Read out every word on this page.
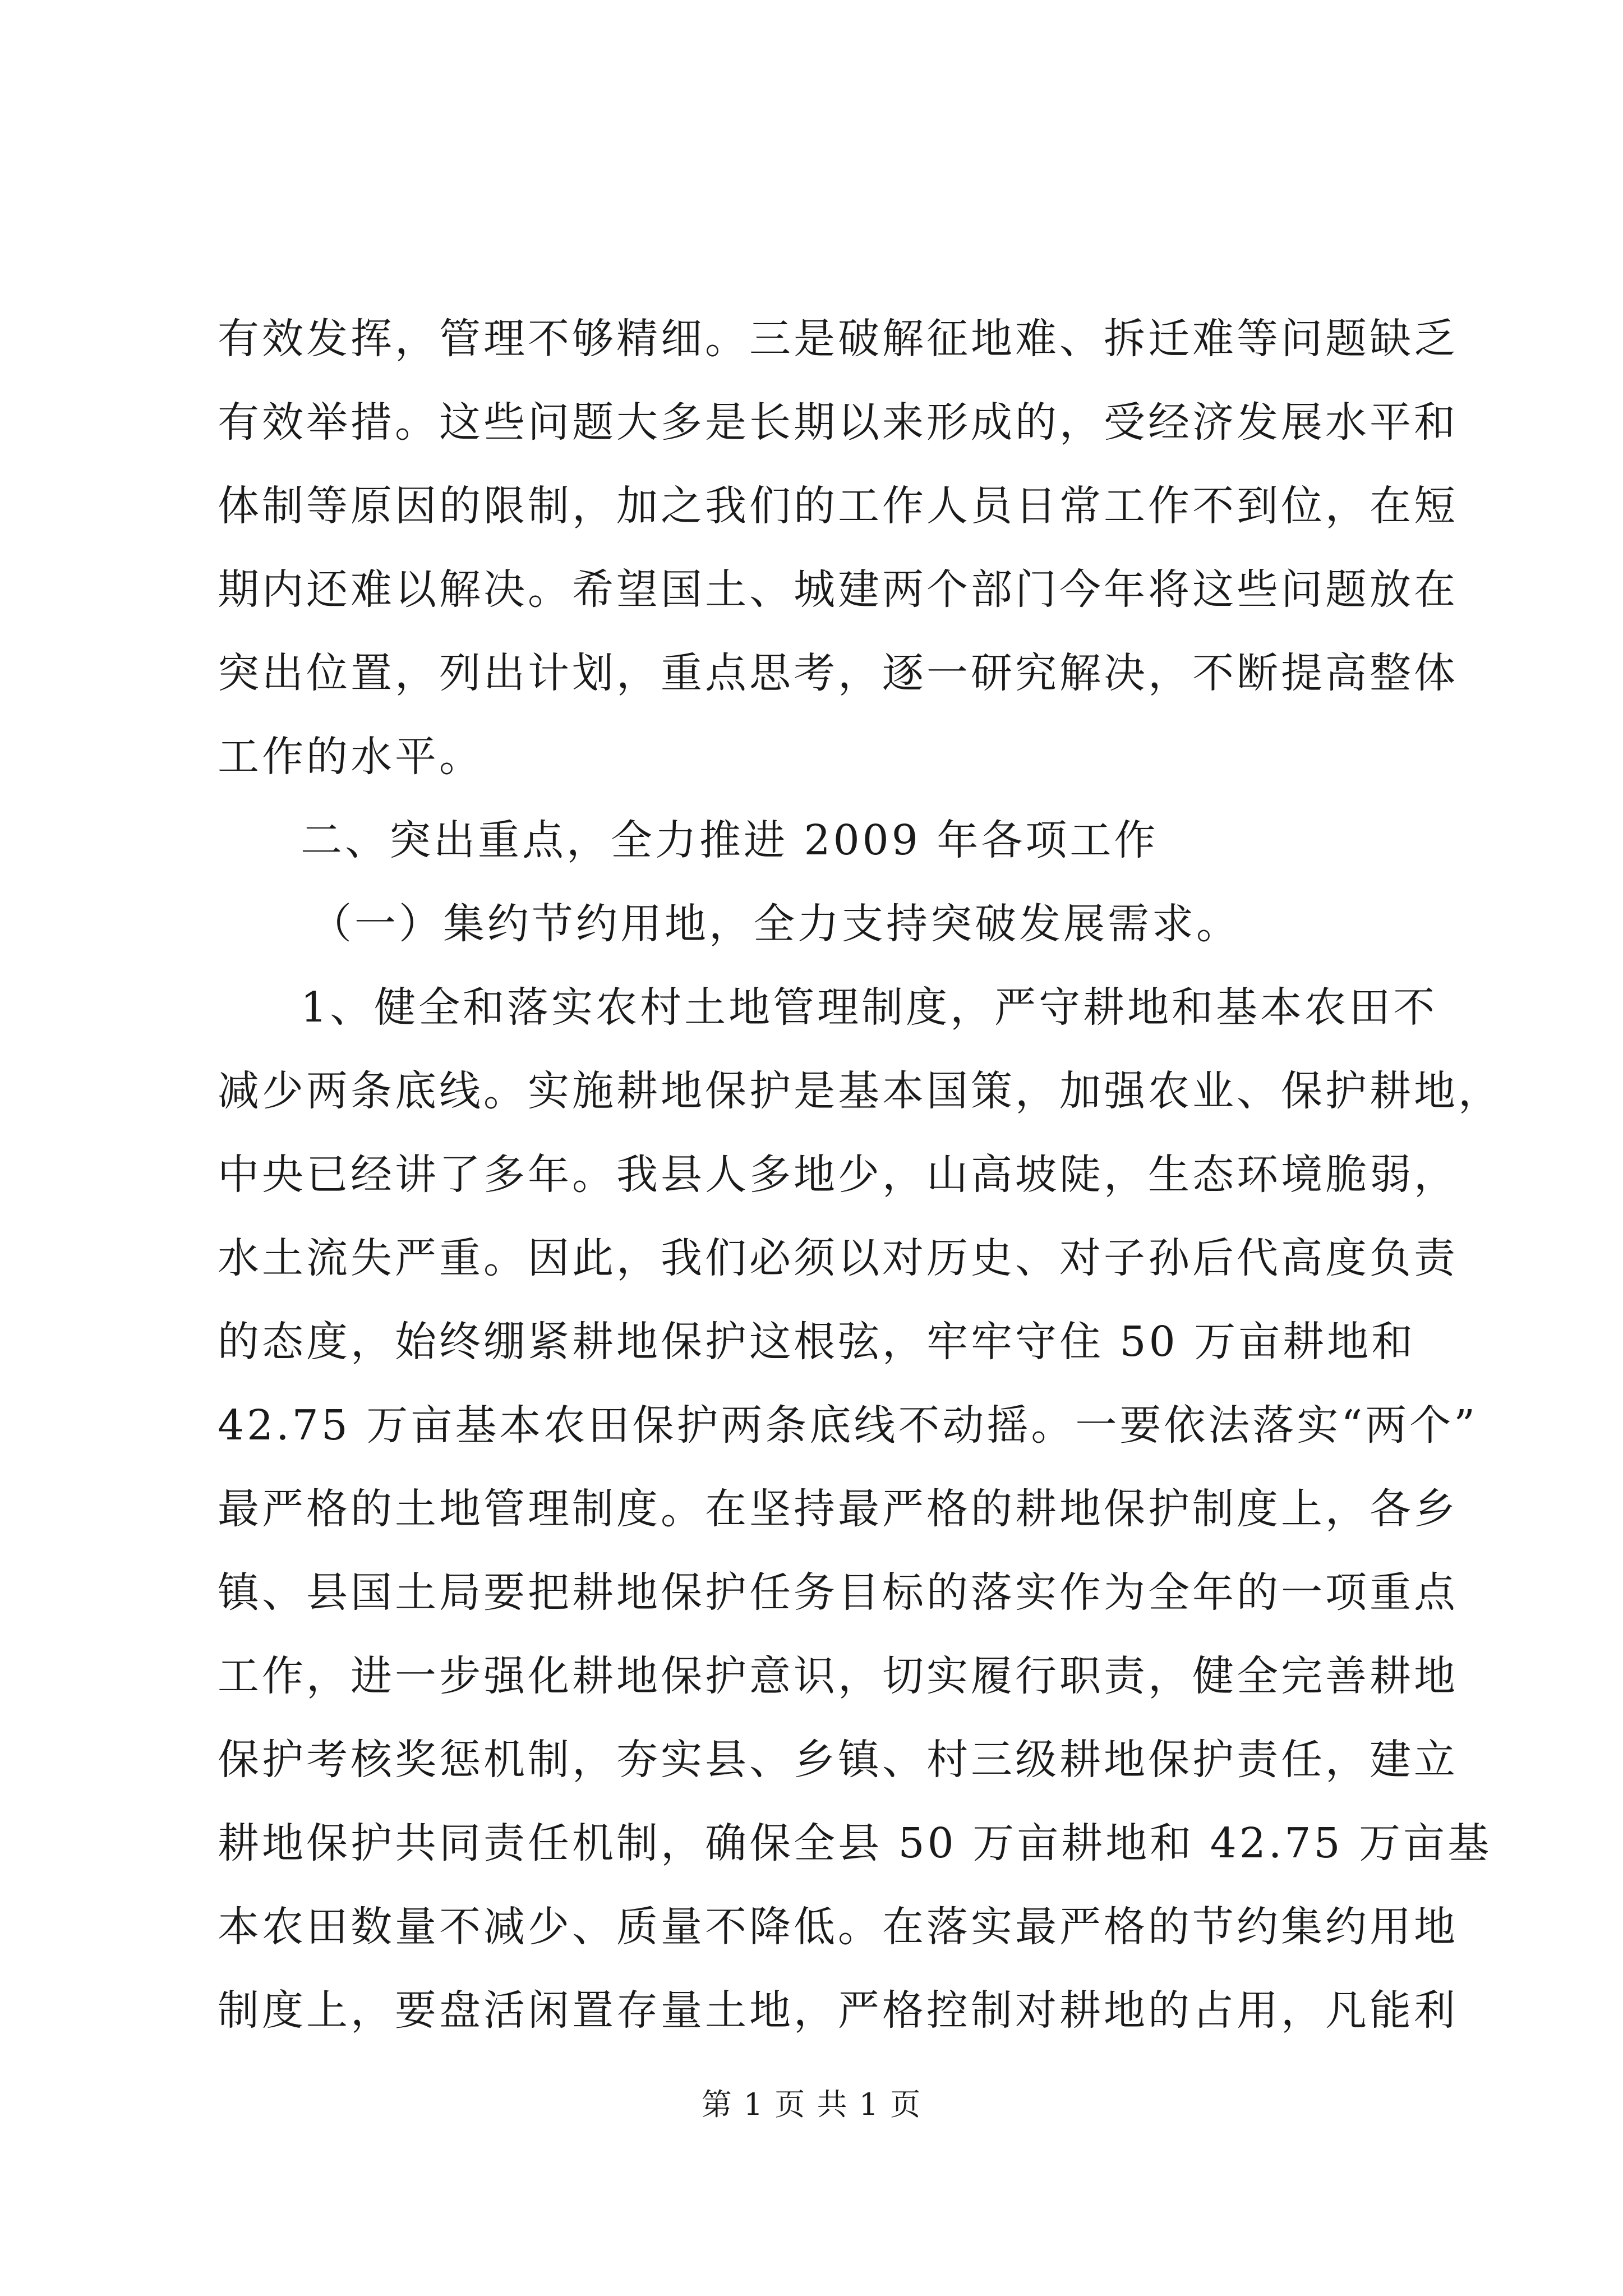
有效发挥，管理不够精细。三是破解征地难、拆迁难等问题缺乏
有效举措。这些问题大多是长期以来形成的，受经济发展水平和
体制等原因的限制，加之我们的工作人员日常工作不到位，在短
期内还难以解决。希望国土、城建两个部门今年将这些问题放在
突出位置，列出计划，重点思考，逐一研究解决，不断提高整体
工作的水平。
二、突出重点，全力推进 2009 年各项工作
（一）集约节约用地，全力支持突破发展需求。
1、健全和落实农村土地管理制度，严守耕地和基本农田不
减少两条底线。实施耕地保护是基本国策，加强农业、保护耕地，
中央已经讲了多年。我县人多地少，山高坡陡，生态环境脆弱，
水土流失严重。因此，我们必须以对历史、对子孙后代高度负责
的态度，始终绷紧耕地保护这根弦，牢牢守住 50 万亩耕地和
42.75 万亩基本农田保护两条底线不动摇。一要依法落实“两个”
最严格的土地管理制度。在坚持最严格的耕地保护制度上，各乡
镇、县国土局要把耕地保护任务目标的落实作为全年的一项重点
工作，进一步强化耕地保护意识，切实履行职责，健全完善耕地
保护考核奖惩机制，夯实县、乡镇、村三级耕地保护责任，建立
耕地保护共同责任机制，确保全县 50 万亩耕地和 42.75 万亩基
本农田数量不减少、质量不降低。在落实最严格的节约集约用地
制度上，要盘活闲置存量土地，严格控制对耕地的占用，凡能利
第 1 页 共 1 页
